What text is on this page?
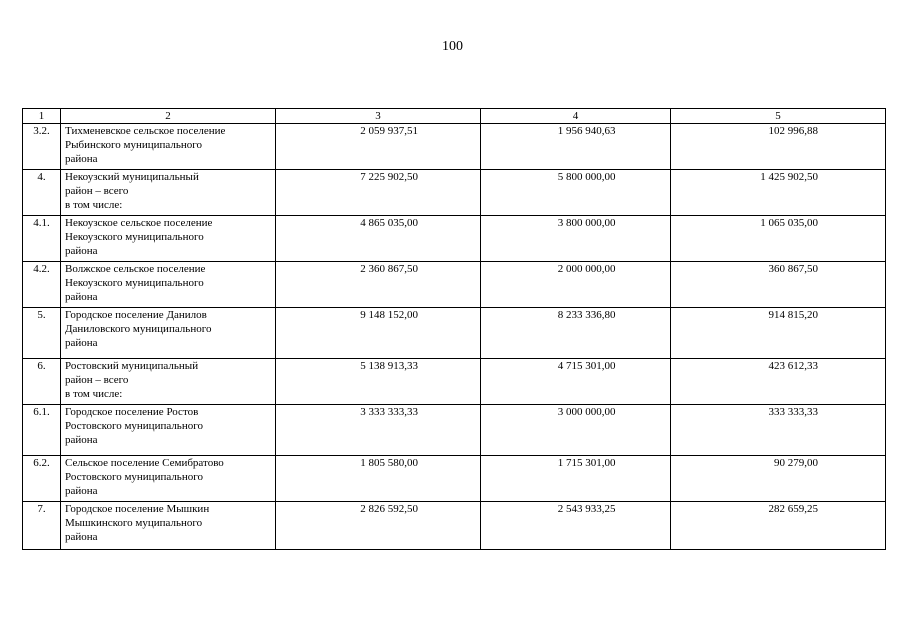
100
1	2	3	4	5
3.2.	Тихменевское сельское поселение
Рыбинского муниципального
района	2 059 937,51	1 956 940,63	102 996,88
4.	Некоузский муниципальный
район – всего
в том числе:	7 225 902,50	5 800 000,00	1 425 902,50
4.1.	Некоузское сельское поселение
Некоузского муниципального
района	4 865 035,00	3 800 000,00	1 065 035,00
4.2.	Волжское сельское поселение
Некоузского муниципального
района	2 360 867,50	2 000 000,00	360 867,50
5.	Городское поселение Данилов
Даниловского муниципального
района	9 148 152,00	8 233 336,80	914 815,20
6.	Ростовский муниципальный
район – всего
в том числе:	5 138 913,33	4 715 301,00	423 612,33
6.1.	Городское поселение Ростов
Ростовского муниципального
района	3 333 333,33	3 000 000,00	333 333,33
6.2.	Сельское поселение Семибратово
Ростовского муниципального
района	1 805 580,00	1 715 301,00	90 279,00
7.	Городское поселение Мышкин
Мышкинского муципального
района	2 826 592,50	2 543 933,25	282 659,25
